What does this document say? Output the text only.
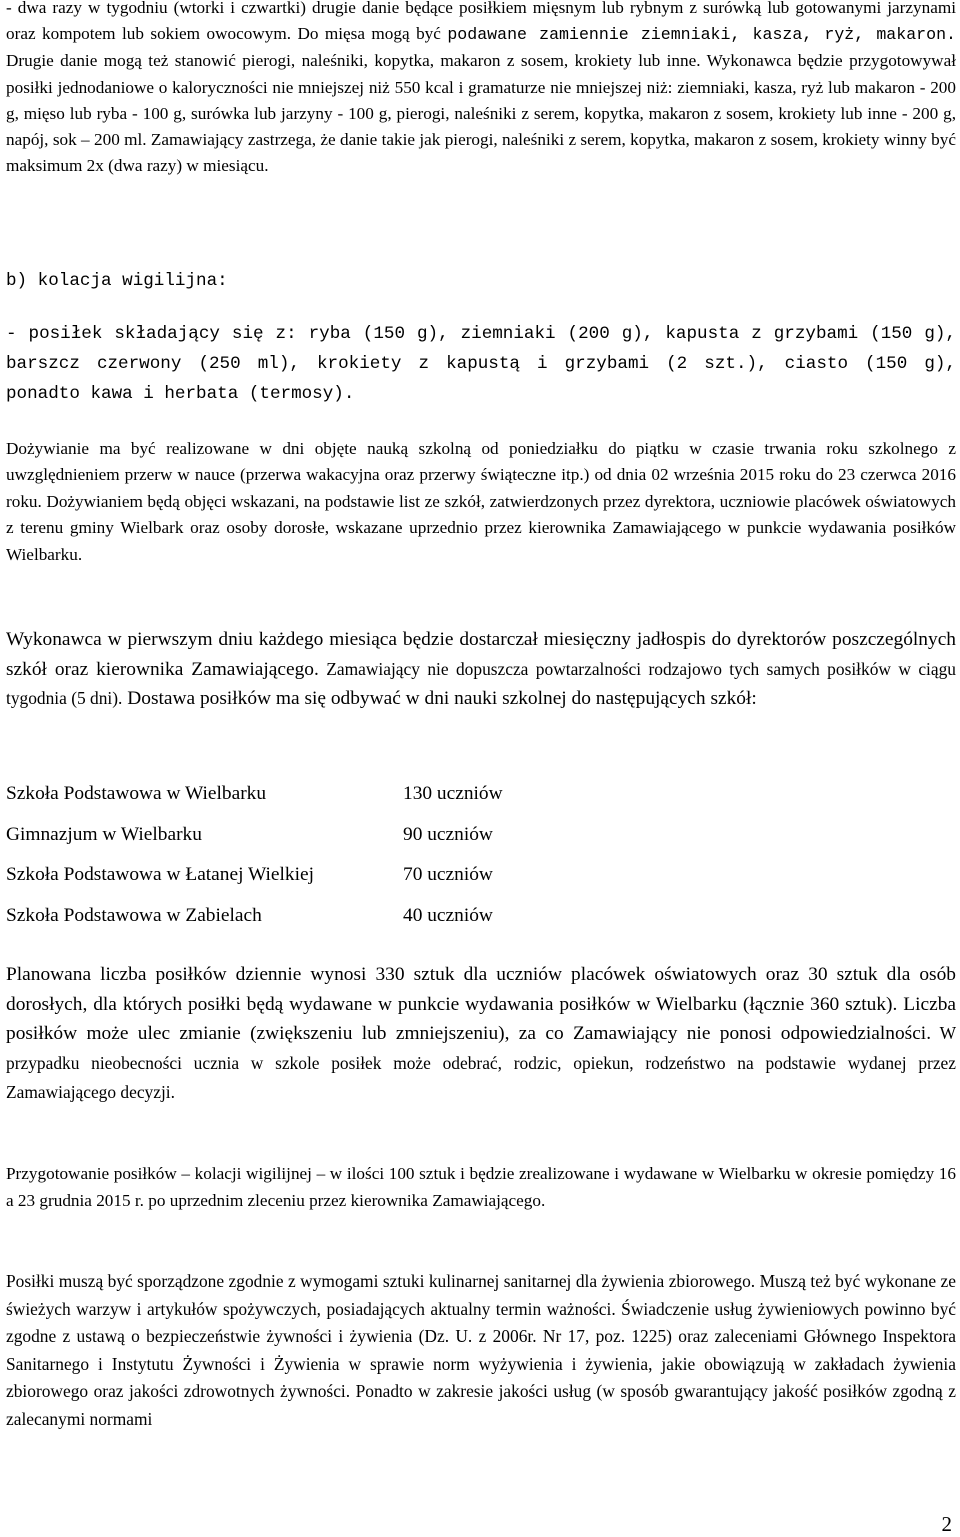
- dwa razy w tygodniu (wtorki i czwartki) drugie danie będące posiłkiem mięsnym lub rybnym z surówką lub gotowanymi jarzynami oraz kompotem lub sokiem owocowym. Do mięsa mogą być podawane zamiennie ziemniaki, kasza, ryż, makaron. Drugie danie mogą też stanowić pierogi, naleśniki, kopytka, makaron z sosem, krokiety lub inne. Wykonawca będzie przygotowywał posiłki jednodaniowe o kaloryczności nie mniejszej niż 550 kcal i gramaturze nie mniejszej niż: ziemniaki, kasza, ryż lub makaron - 200 g, mięso lub ryba - 100 g, surówka lub jarzyny - 100 g, pierogi, naleśniki z serem, kopytka, makaron z sosem, krokiety lub inne - 200 g, napój, sok – 200 ml. Zamawiający zastrzega, że danie takie jak pierogi, naleśniki z serem, kopytka, makaron z sosem, krokiety winny być maksimum 2x (dwa razy) w miesiącu.

b) kolacja wigilijna:

- posiłek składający się z: ryba (150 g), ziemniaki (200 g), kapusta z grzybami (150 g), barszcz czerwony (250 ml), krokiety z kapustą i grzybami (2 szt.), ciasto (150 g), ponadto kawa i herbata (termosy).

Dożywianie ma być realizowane w dni objęte nauką szkolną od poniedziałku do piątku w czasie trwania roku szkolnego z uwzględnieniem przerw w nauce (przerwa wakacyjna oraz przerwy świąteczne itp.) od dnia 02 września 2015 roku do 23 czerwca 2016 roku. Dożywianiem będą objęci wskazani, na podstawie list ze szkół, zatwierdzonych przez dyrektora, uczniowie placówek oświatowych z terenu gminy Wielbark oraz osoby dorosłe, wskazane uprzednio przez kierownika Zamawiającego w punkcie wydawania posiłków Wielbarku.

Wykonawca w pierwszym dniu każdego miesiąca będzie dostarczał miesięczny jadłospis do dyrektorów poszczególnych szkół oraz kierownika Zamawiającego. Zamawiający nie dopuszcza powtarzalności rodzajowo tych samych posiłków w ciągu tygodnia (5 dni). Dostawa posiłków ma się odbywać w dni nauki szkolnej do następujących szkół:

Szkoła Podstawowa w Wielbarku	130 uczniów
Gimnazjum w Wielbarku	90 uczniów
Szkoła Podstawowa w Łatanej Wielkiej	70 uczniów
Szkoła Podstawowa w Zabielach	40 uczniów

Planowana liczba posiłków dziennie wynosi 330 sztuk dla uczniów placówek oświatowych oraz 30 sztuk dla osób dorosłych, dla których posiłki będą wydawane w punkcie wydawania posiłków w Wielbarku (łącznie 360 sztuk). Liczba posiłków może ulec zmianie (zwiększeniu lub zmniejszeniu), za co Zamawiający nie ponosi odpowiedzialności. W przypadku nieobecności ucznia w szkole posiłek może odebrać, rodzic, opiekun, rodzeństwo na podstawie wydanej przez Zamawiającego decyzji.

Przygotowanie posiłków – kolacji wigilijnej – w ilości 100 sztuk i będzie zrealizowane i wydawane w Wielbarku w okresie pomiędzy 16 a 23 grudnia 2015 r. po uprzednim zleceniu przez kierownika Zamawiającego.

Posiłki muszą być sporządzone zgodnie z wymogami sztuki kulinarnej sanitarnej dla żywienia zbiorowego. Muszą też być wykonane ze świeżych warzyw i artykułów spożywczych, posiadających aktualny termin ważności. Świadczenie usług żywieniowych powinno być zgodne z ustawą o bezpieczeństwie żywności i żywienia (Dz. U. z 2006r. Nr 17, poz. 1225) oraz zaleceniami Głównego Inspektora Sanitarnego i Instytutu Żywności i Żywienia w sprawie norm wyżywienia i żywienia, jakie obowiązują w zakładach żywienia zbiorowego oraz jakości zdrowotnych żywności. Ponadto w zakresie jakości usług (w sposób gwarantujący jakość posiłków zgodną z zalecanymi normami

2
